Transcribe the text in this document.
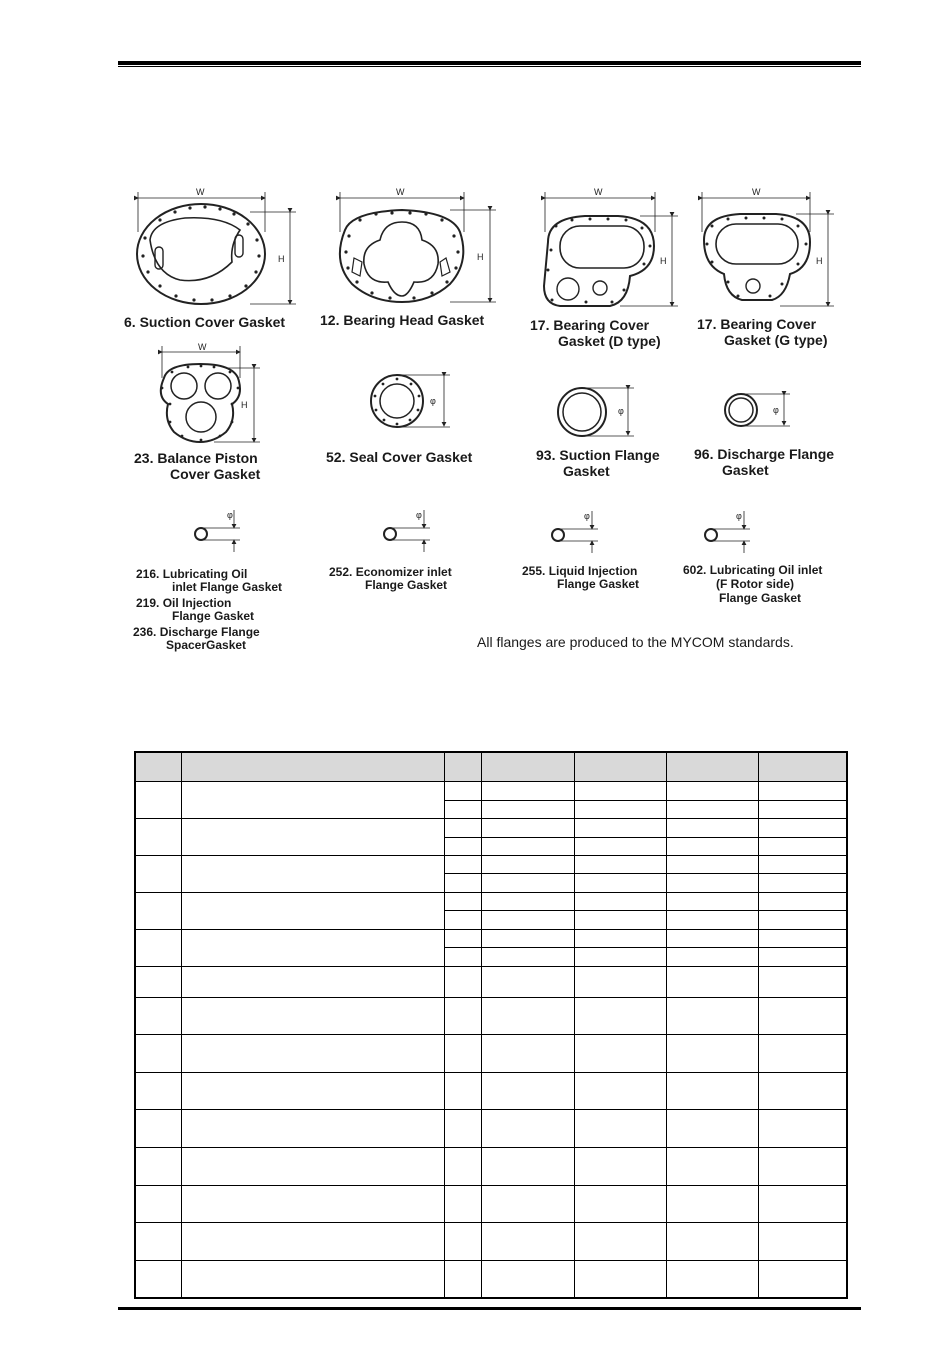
W
H
W
H
W
H
W
H
W
H	φ
φ	φ
φ	φ	φ	φ
6. Suction Cover Gasket 12. Bearing Head Gasket	17. Bearing Cover
Gasket (D type)
17. Bearing Cover
Gasket (G type)
23. Balance Piston
Cover Gasket
52. Seal Cover Gasket	93. Suction Flange
Gasket
96. Discharge Flange
Gasket
216. Lubricating Oil
inlet Flange Gasket
219. Oil Injection
Flange Gasket
236. Discharge Flange
SpacerGasket
252. Economizer inlet
Flange Gasket
255. Liquid Injection
Flange Gasket
602. Lubricating Oil inlet
(F Rotor side)
Flange Gasket
All flanges are produced to the MYCOM standards.
